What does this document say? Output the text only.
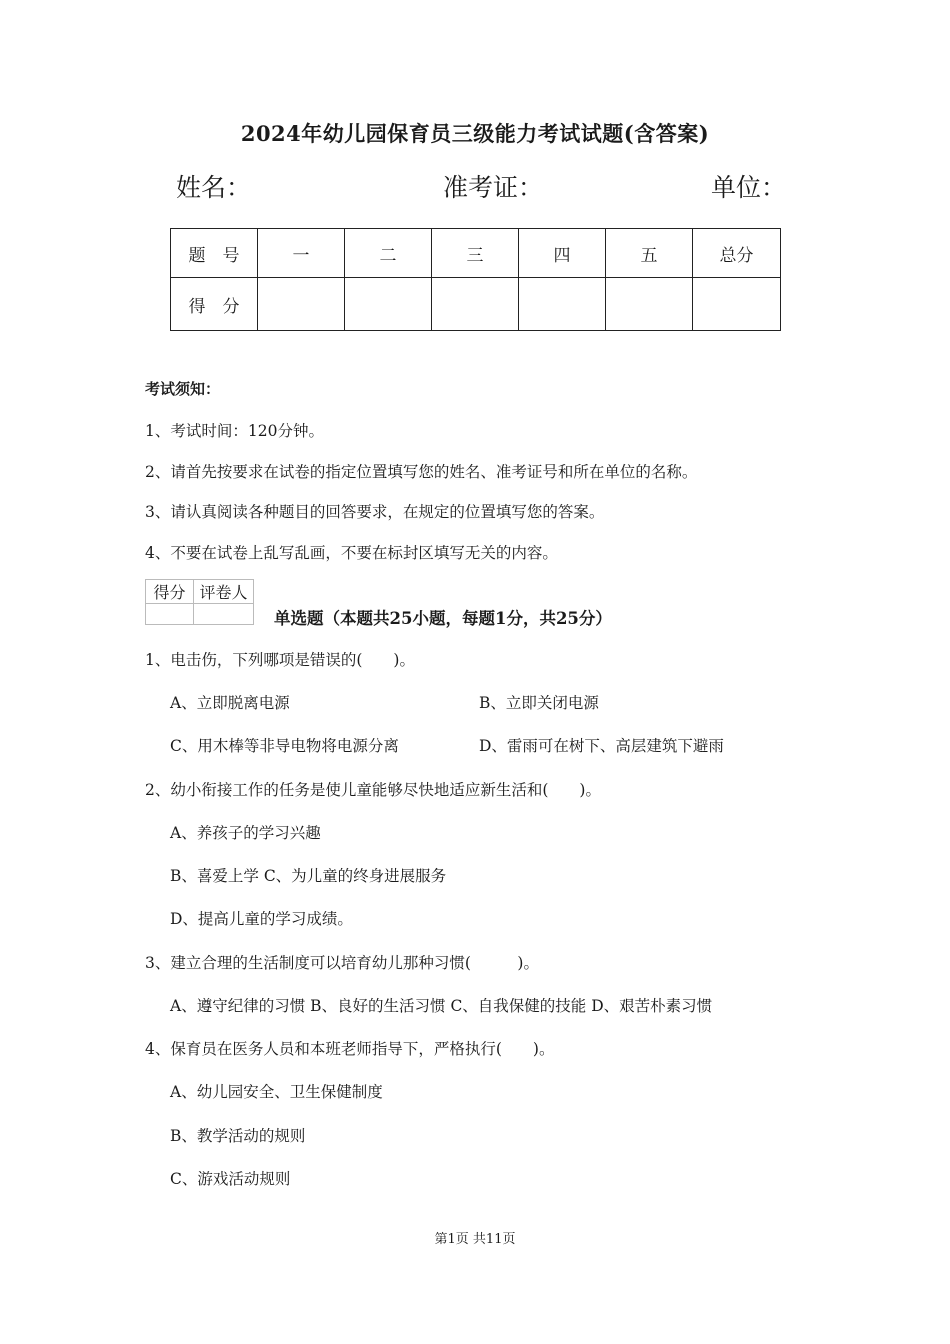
2024年幼儿园保育员三级能力考试试题(含答案)
姓名：	准考证：	单位：
题　号	一	二	三	四	五	总分
得　分						
考试须知：
1、考试时间：120分钟。
2、请首先按要求在试卷的指定位置填写您的姓名、准考证号和所在单位的名称。
3、请认真阅读各种题目的回答要求，在规定的位置填写您的答案。
4、不要在试卷上乱写乱画，不要在标封区填写无关的内容。
得分	评卷人

单选题（本题共25小题，每题1分，共25分）
1、电击伤，下列哪项是错误的(　　)。
A、立即脱离电源	B、立即关闭电源
C、用木棒等非导电物将电源分离	D、雷雨可在树下、高层建筑下避雨
2、幼小衔接工作的任务是使儿童能够尽快地适应新生活和(　　)。
A、养孩子的学习兴趣
B、喜爱上学 C、为儿童的终身进展服务
D、提高儿童的学习成绩。
3、建立合理的生活制度可以培育幼儿那种习惯(　　　)。
A、遵守纪律的习惯 B、良好的生活习惯 C、自我保健的技能 D、艰苦朴素习惯
4、保育员在医务人员和本班老师指导下，严格执行(　　)。
A、幼儿园安全、卫生保健制度
B、教学活动的规则
C、游戏活动规则
第1页 共11页
